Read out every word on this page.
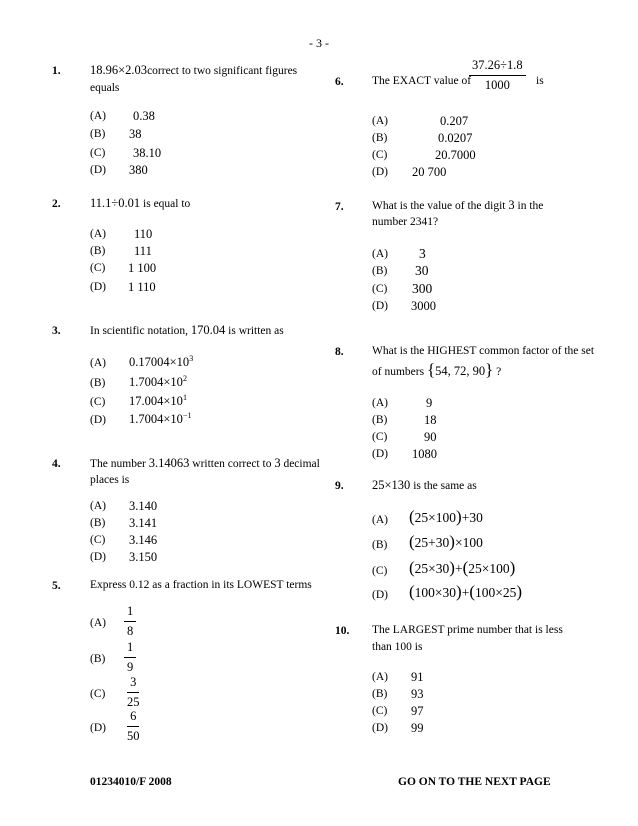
- 3 -
1. 18.96×2.03correct to two significant figures
equals
(A) 0.38
(B) 38
(C) 38.10
(D) 380
2. 11.1÷0.01 is equal to
(A) 110
(B) 111
(C) 1 100
(D) 1 110
3.	In scientific notation, 170.04 is written as
(A) $0.17004\times 10^3$
(B) $1.7004\times 10^2$
(C) $17.004\times 10^1$
(D) $1.7004\times 10^{-1}$
4.	The number 3.14063 written correct to 3 decimal
places is
(A) 3.140
(B) 3.141
(C) 3.146
(D) 3.150
5.	Express 0.12 as a fraction in its LOWEST terms
$(A) \frac{1}{8}$
$(B) \frac{1}{9}$
$(C) \frac{3}{25}$
$(D) \frac{6}{50}$
6. The EXACT value of
$\frac{37.26\div 1.8}{1000}$ is
(A)	0.207
(B)	0.0207
(C)	20.7000
(D) 20 700
7. What is the value of the digit 3 in the
number 2341?
(A) 3
(B) 30
(C) 300
(D) 3000
8. What is the HIGHEST common factor of the set
of numbers {54, 72, 90} ?
(A)	9
(B)	18
(C)	90
(D) 1080
9. 25×130 is the same as
(A) (25×100)+30
(B) (25+30)×100
(C) (25×30)+(25×100)
(D) (100×30)+(100×25)
10. The LARGEST prime number that is less
than 100 is
(A) 91
(B) 93
(C) 97
(D) 99
01234010/F 2008	GO ON TO THE NEXT PAGE
